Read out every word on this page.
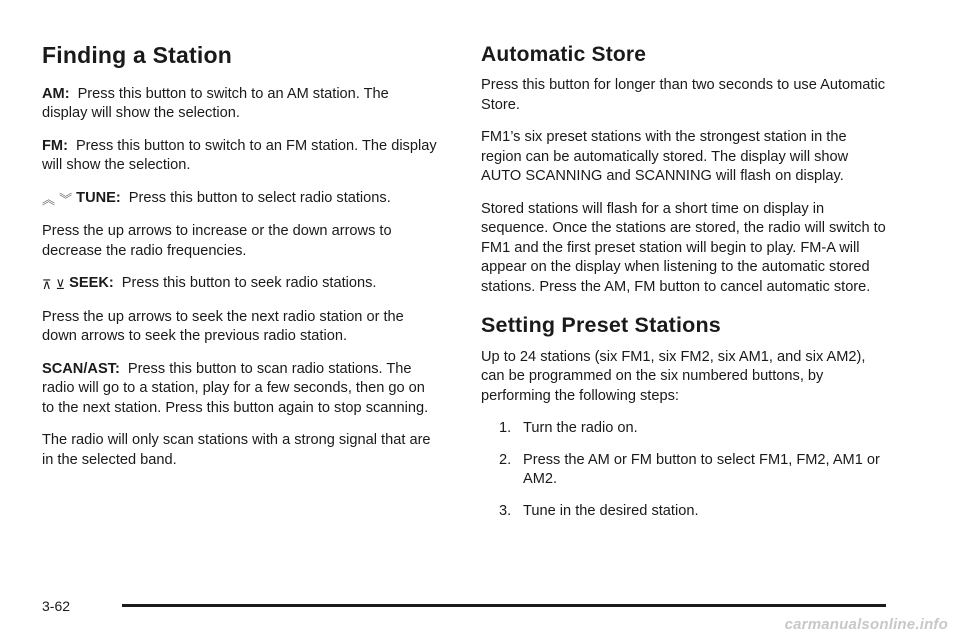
Finding a Station

AM: Press this button to switch to an AM station. The display will show the selection.

FM: Press this button to switch to an FM station. The display will show the selection.

︽ ︾ TUNE: Press this button to select radio stations.

Press the up arrows to increase or the down arrows to decrease the radio frequencies.

⊼ ⊻ SEEK: Press this button to seek radio stations.

Press the up arrows to seek the next radio station or the down arrows to seek the previous radio station.

SCAN/AST: Press this button to scan radio stations. The radio will go to a station, play for a few seconds, then go on to the next station. Press this button again to stop scanning.

The radio will only scan stations with a strong signal that are in the selected band.

Automatic Store

Press this button for longer than two seconds to use Automatic Store.

FM1’s six preset stations with the strongest station in the region can be automatically stored. The display will show AUTO SCANNING and SCANNING will flash on display.

Stored stations will flash for a short time on display in sequence. Once the stations are stored, the radio will switch to FM1 and the first preset station will begin to play. FM-A will appear on the display when listening to the automatic stored stations. Press the AM, FM button to cancel automatic store.

Setting Preset Stations

Up to 24 stations (six FM1, six FM2, six AM1, and six AM2), can be programmed on the six numbered buttons, by performing the following steps:

1. Turn the radio on.
2. Press the AM or FM button to select FM1, FM2, AM1 or AM2.
3. Tune in the desired station.
3-62
carmanualsonline.info
